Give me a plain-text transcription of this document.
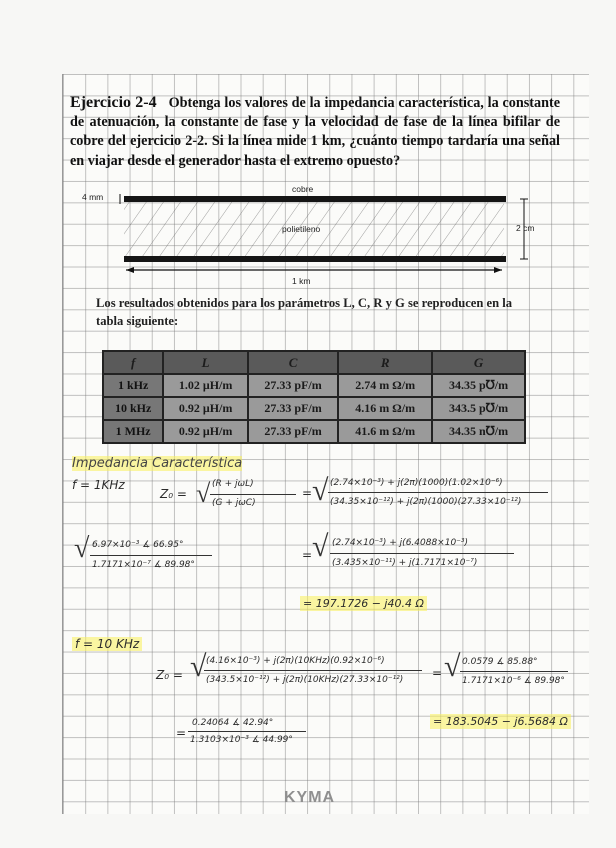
Ejercicio 2-4 Obtenga los valores de la impedancia característica, la constante de atenuación, la constante de fase y la velocidad de fase de la línea bifilar de cobre del ejercicio 2-2. Si la línea mide 1 km, ¿cuánto tiempo tardaría una señal en viajar desde el generador hasta el extremo opuesto?
cobre
polietileno
4 mm
2 cm
1 km
Los resultados obtenidos para los parámetros L, C, R y G se reproducen en la tabla siguiente:
f	L	C	R	G
1 kHz	1.02 μH/m	27.33 pF/m	2.74 m Ω/m	34.35 p℧/m
10 kHz	0.92 μH/m	27.33 pF/m	4.16 m Ω/m	343.5 p℧/m
1 MHz	0.92 μH/m	27.33 pF/m	41.6 m Ω/m	34.35 n℧/m
Impedancia Característica
f = 1KHz
Z₀ = √ (R + jωL)
(G + jωC)
= √ (2.74×10⁻³) + j(2π)(1000)(1.02×10⁻⁶)
(34.35×10⁻¹²) + j(2π)(1000)(27.33×10⁻¹²)
√ 6.97×10⁻³ ∡ 66.95°
1.7171×10⁻⁷ ∡ 89.98°
= √ (2.74×10⁻³) + j(6.4088×10⁻³)
(3.435×10⁻¹¹) + j(1.7171×10⁻⁷)
= 197.1726 − j40.4 Ω
f = 10 KHz
Z₀ = √ (4.16×10⁻³) + j(2π)(10KHz)(0.92×10⁻⁶)
(343.5×10⁻¹²) + j(2π)(10KHz)(27.33×10⁻¹²) = √ 0.0579 ∡ 85.88°
1.7171×10⁻⁶ ∡ 89.98°
=
0.24064 ∡ 42.94°
1.3103×10⁻³ ∡ 44.99°
= 183.5045 − j6.5684 Ω
KYMA
